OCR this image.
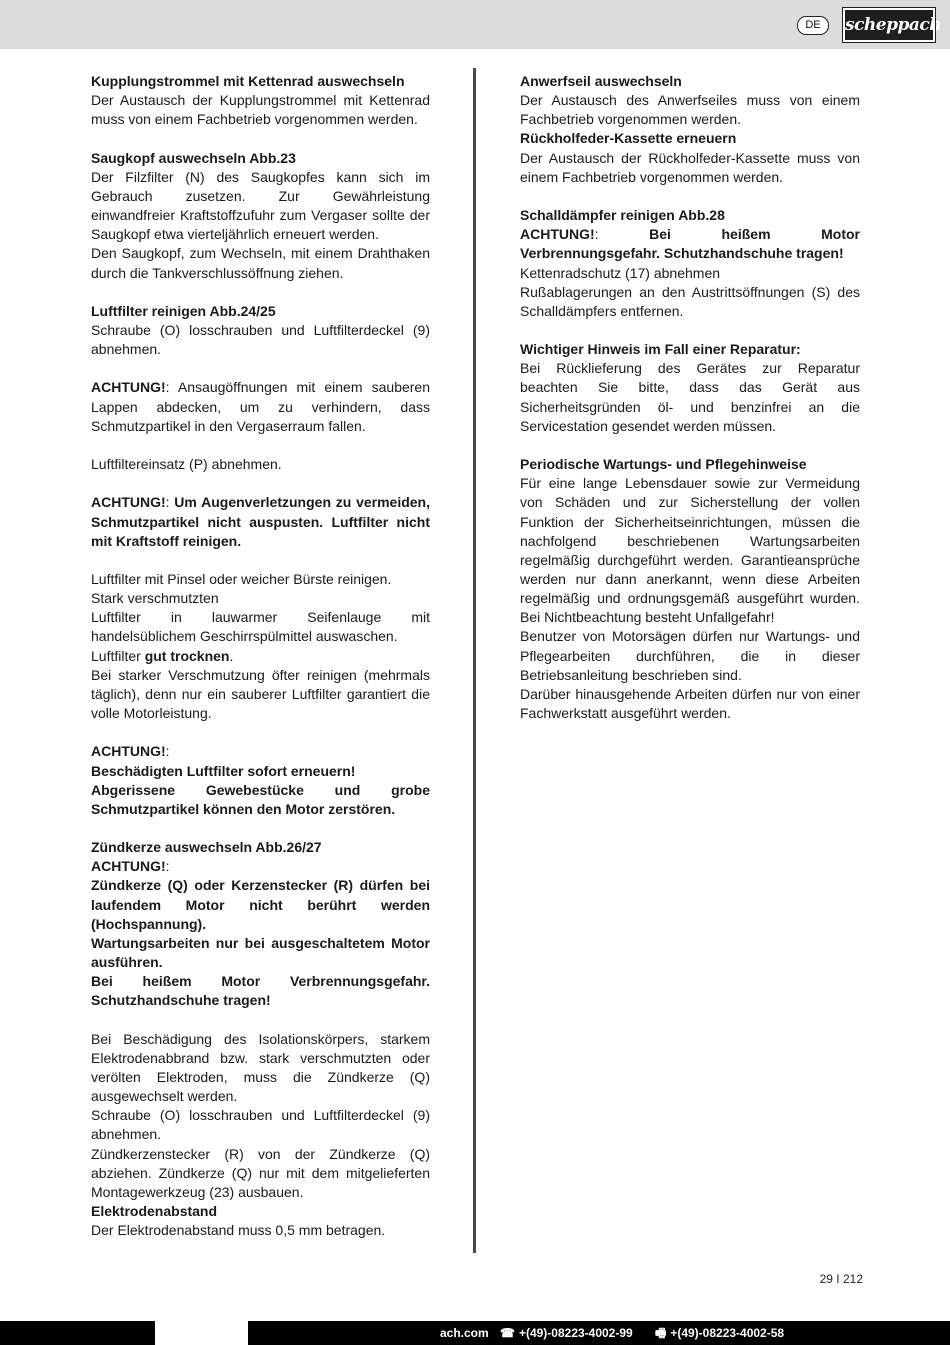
DE	scheppach

Kupplungstrommel mit Kettenrad auswechseln

Der Austausch der Kupplungstrommel mit Kettenrad muss von einem Fachbetrieb vorgenommen werden.

Saugkopf auswechseln Abb.23

Der Filzfilter (N) des Saugkopfes kann sich im Gebrauch zusetzen. Zur Gewährleistung einwandfreier Kraftstoffzufuhr zum Vergaser sollte der Saugkopf etwa vierteljährlich erneuert werden.

Den Saugkopf, zum Wechseln, mit einem Drahthaken durch die Tankverschlussöffnung ziehen.

Luftfilter reinigen Abb.24/25

Schraube (O) losschrauben und Luftfilterdeckel (9) abnehmen.

ACHTUNG!: Ansaugöffnungen mit einem sauberen Lappen abdecken, um zu verhindern, dass Schmutzpartikel in den Vergaserraum fallen.

Luftfiltereinsatz (P) abnehmen.

ACHTUNG!: Um Augenverletzungen zu vermeiden, Schmutzpartikel nicht auspusten. Luftfilter nicht mit Kraftstoff reinigen.

Luftfilter mit Pinsel oder weicher Bürste reinigen.

Stark verschmutzten

Luftfilter in lauwarmer Seifenlauge mit handelsüblichem Geschirrspülmittel auswaschen.

Luftfilter gut trocknen.

Bei starker Verschmutzung öfter reinigen (mehrmals täglich), denn nur ein sauberer Luftfilter garantiert die volle Motorleistung.

ACHTUNG!:

Beschädigten Luftfilter sofort erneuern!

Abgerissene Gewebestücke und grobe Schmutzpartikel können den Motor zerstören.

Zündkerze auswechseln Abb.26/27

ACHTUNG!:

Zündkerze (Q) oder Kerzenstecker (R) dürfen bei laufendem Motor nicht berührt werden (Hochspannung).

Wartungsarbeiten nur bei ausgeschaltetem Motor ausführen.

Bei heißem Motor Verbrennungsgefahr. Schutzhandschuhe tragen!

Bei Beschädigung des Isolationskörpers, starkem Elektrodenabbrand bzw. stark verschmutzten oder verölten Elektroden, muss die Zündkerze (Q) ausgewechselt werden.

Schraube (O) losschrauben und Luftfilterdeckel (9) abnehmen.

Zündkerzenstecker (R) von der Zündkerze (Q) abziehen. Zündkerze (Q) nur mit dem mitgelieferten Montagewerkzeug (23) ausbauen.

Elektrodenabstand

Der Elektrodenabstand muss 0,5 mm betragen.

Anwerfseil auswechseln

Der Austausch des Anwerfseiles muss von einem Fachbetrieb vorgenommen werden.

Rückholfeder-Kassette erneuern

Der Austausch der Rückholfeder-Kassette muss von einem Fachbetrieb vorgenommen werden.

Schalldämpfer reinigen Abb.28

ACHTUNG!: Bei heißem Motor Verbrennungsgefahr. Schutzhandschuhe tragen!

Kettenradschutz (17) abnehmen

Rußablagerungen an den Austrittsöffnungen (S) des Schalldämpfers entfernen.

Wichtiger Hinweis im Fall einer Reparatur:

Bei Rücklieferung des Gerätes zur Reparatur beachten Sie bitte, dass das Gerät aus Sicherheitsgründen öl- und benzinfrei an die Servicestation gesendet werden müssen.

Periodische Wartungs- und Pflegehinweise

Für eine lange Lebensdauer sowie zur Vermeidung von Schäden und zur Sicherstellung der vollen Funktion der Sicherheitseinrichtungen, müssen die nachfolgend beschriebenen Wartungsarbeiten regelmäßig durchgeführt werden. Garantieansprüche werden nur dann anerkannt, wenn diese Arbeiten regelmäßig und ordnungsgemäß ausgeführt wurden. Bei Nichtbeachtung besteht Unfallgefahr!

Benutzer von Motorsägen dürfen nur Wartungs- und Pflegearbeiten durchführen, die in dieser Betriebsanleitung beschrieben sind.

Darüber hinausgehende Arbeiten dürfen nur von einer Fachwerkstatt ausgeführt werden.

29 I 212
ach.com ☎ +(49)-08223-4002-99 🖷 +(49)-08223-4002-58
